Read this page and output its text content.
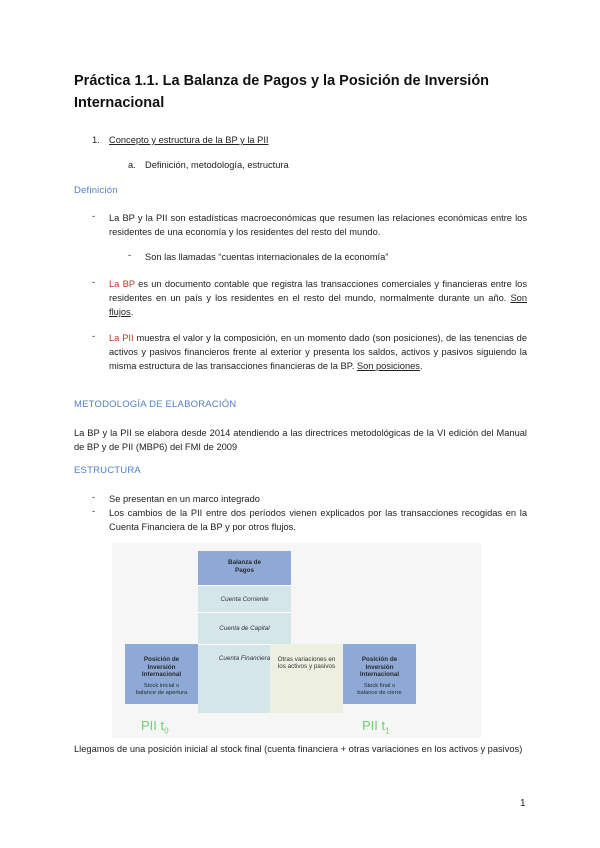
Práctica 1.1. La Balanza de Pagos y la Posición de Inversión Internacional
1. Concepto y estructura de la BP y la PII
a. Definición, metodología, estructura
Definición
- La BP y la PII son estadísticas macroeconómicas que resumen las relaciones económicas entre los residentes de una economía y los residentes del resto del mundo.
- Son las llamadas “cuentas internacionales de la economía”
- La BP es un documento contable que registra las transacciones comerciales y financieras entre los residentes en un país y los residentes en el resto del mundo, normalmente durante un año. Son flujos.
- La PII muestra el valor y la composición, en un momento dado (son posiciones), de las tenencias de activos y pasivos financieros frente al exterior y presenta los saldos, activos y pasivos siguiendo la misma estructura de las transacciones financieras de la BP. Son posiciones.
METODOLOGÍA DE ELABORACIÓN
La BP y la PII se elabora desde 2014 atendiendo a las directrices metodológicas de la VI edición del Manual de BP y de PII (MBP6) del FMI de 2009
ESTRUCTURA
- Se presentan en un marco integrado
- Los cambios de la PII entre dos períodos vienen explicados por las transacciones recogidas en la Cuenta Financiera de la BP y por otros flujos.
Balanza de
Pagos
Cuenta Corriente
Cuenta de Capital
Cuenta Financiera	Otras variaciones en
los activos y pasivos
Posición de
Inversión
Internacional
Stock inicial o
balance de apertura
Posición de
Inversión
Internacional
Stock final o
balance de cierre
PII $t_0$	PII $t_1$
Llegamos de una posición inicial al stock final (cuenta financiera + otras variaciones en los activos y pasivos)
1
